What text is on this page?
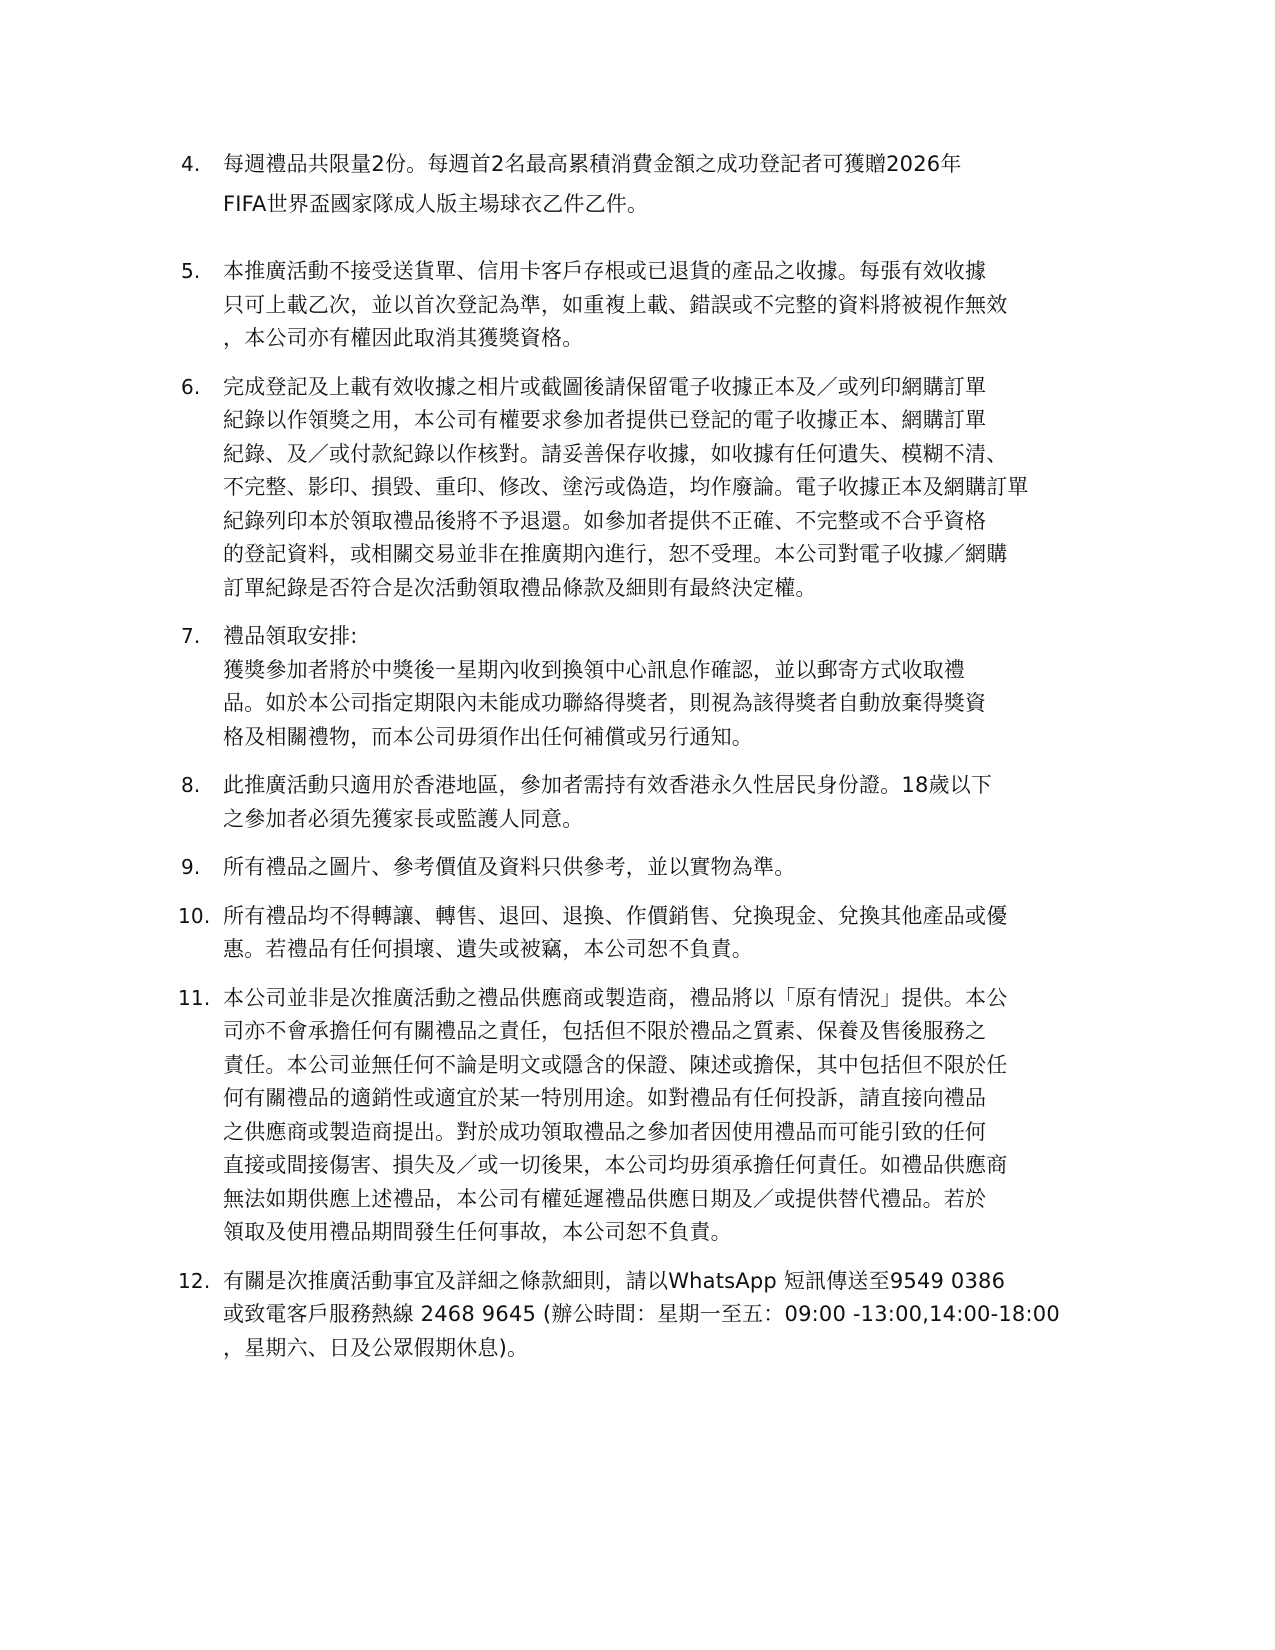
4.	每週禮品共限量2份。每週首2名最高累積消費金額之成功登記者可獲贈2026年
FIFA世界盃國家隊成人版主場球衣乙件乙件。
5.	本推廣活動不接受送貨單、信用卡客戶存根或已退貨的產品之收據。每張有效收據
只可上載乙次，並以首次登記為準，如重複上載、錯誤或不完整的資料將被視作無效
，本公司亦有權因此取消其獲獎資格。
6.	完成登記及上載有效收據之相片或截圖後請保留電子收據正本及／或列印網購訂單
紀錄以作領獎之用，本公司有權要求參加者提供已登記的電子收據正本、網購訂單
紀錄、及／或付款紀錄以作核對。請妥善保存收據，如收據有任何遺失、模糊不清、
不完整、影印、損毀、重印、修改、塗污或偽造，均作廢論。電子收據正本及網購訂單
紀錄列印本於領取禮品後將不予退還。如參加者提供不正確、不完整或不合乎資格
的登記資料，或相關交易並非在推廣期內進行，恕不受理。本公司對電子收據／網購
訂單紀錄是否符合是次活動領取禮品條款及細則有最終決定權。
7.	禮品領取安排:
獲獎參加者將於中獎後一星期內收到換領中心訊息作確認，並以郵寄方式收取禮
品。如於本公司指定期限內未能成功聯絡得獎者，則視為該得獎者自動放棄得獎資
格及相關禮物，而本公司毋須作出任何補償或另行通知。
8.	此推廣活動只適用於香港地區，參加者需持有效香港永久性居民身份證。18歲以下
之參加者必須先獲家長或監護人同意。
9.	所有禮品之圖片、參考價值及資料只供參考，並以實物為準。
10. 所有禮品均不得轉讓、轉售、退回、退換、作價銷售、兌換現金、兌換其他產品或優
惠。若禮品有任何損壞、遺失或被竊，本公司恕不負責。
11. 本公司並非是次推廣活動之禮品供應商或製造商，禮品將以「原有情況」提供。本公
司亦不會承擔任何有關禮品之責任，包括但不限於禮品之質素、保養及售後服務之
責任。本公司並無任何不論是明文或隱含的保證、陳述或擔保，其中包括但不限於任
何有關禮品的適銷性或適宜於某一特別用途。如對禮品有任何投訴，請直接向禮品
之供應商或製造商提出。對於成功領取禮品之參加者因使用禮品而可能引致的任何
直接或間接傷害、損失及／或一切後果，本公司均毋須承擔任何責任。如禮品供應商
無法如期供應上述禮品，本公司有權延遲禮品供應日期及／或提供替代禮品。若於
領取及使用禮品期間發生任何事故，本公司恕不負責。
12. 有關是次推廣活動事宜及詳細之條款細則，請以WhatsApp 短訊傳送至9549 0386
或致電客戶服務熱線 2468 9645 (辦公時間：星期一至五：09:00 -13:00,14:00-18:00
，星期六、日及公眾假期休息)。
